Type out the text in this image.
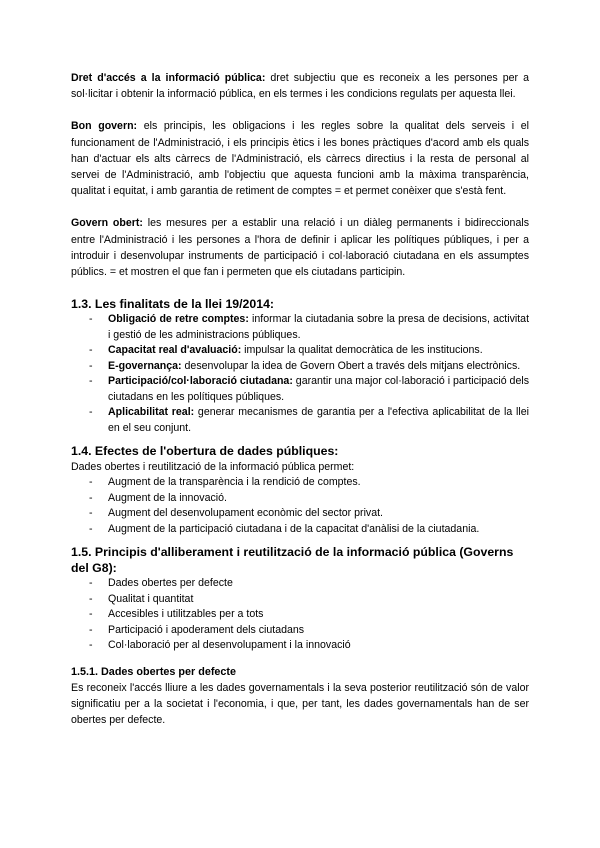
Dret d'accés a la informació pública: dret subjectiu que es reconeix a les persones per a sol·licitar i obtenir la informació pública, en els termes i les condicions regulats per aquesta llei.

Bon govern: els principis, les obligacions i les regles sobre la qualitat dels serveis i el funcionament de l'Administració, i els principis ètics i les bones pràctiques d'acord amb els quals han d'actuar els alts càrrecs de l'Administració, els càrrecs directius i la resta de personal al servei de l'Administració, amb l'objectiu que aquesta funcioni amb la màxima transparència, qualitat i equitat, i amb garantia de retiment de comptes = et permet conèixer que s'està fent.

Govern obert: les mesures per a establir una relació i un diàleg permanents i bidireccionals entre l'Administració i les persones a l'hora de definir i aplicar les polítiques públiques, i per a introduir i desenvolupar instruments de participació i col·laboració ciutadana en els assumptes públics. = et mostren el que fan i permeten que els ciutadans participin.

1.3. Les finalitats de la llei 19/2014:
- Obligació de retre comptes: informar la ciutadania sobre la presa de decisions, activitat i gestió de les administracions públiques.
- Capacitat real d'avaluació: impulsar la qualitat democràtica de les institucions.
- E-governança: desenvolupar la idea de Govern Obert a través dels mitjans electrònics.
- Participació/col·laboració ciutadana: garantir una major col·laboració i participació dels ciutadans en les polítiques públiques.
- Aplicabilitat real: generar mecanismes de garantia per a l'efectiva aplicabilitat de la llei en el seu conjunt.
1.4. Efectes de l'obertura de dades públiques:

Dades obertes i reutilització de la informació pública permet:

- Augment de la transparència i la rendició de comptes.
- Augment de la innovació.
- Augment del desenvolupament econòmic del sector privat.
- Augment de la participació ciutadana i de la capacitat d'anàlisi de la ciutadania.
1.5. Principis d'alliberament i reutilització de la informació pública (Governs del G8):
- Dades obertes per defecte
- Qualitat i quantitat
- Accesibles i utilitzables per a tots
- Participació i apoderament dels ciutadans
- Col·laboració per al desenvolupament i la innovació
1.5.1. Dades obertes per defecte

Es reconeix l'accés lliure a les dades governamentals i la seva posterior reutilització són de valor significatiu per a la societat i l'economia, i que, per tant, les dades governamentals han de ser obertes per defecte.
